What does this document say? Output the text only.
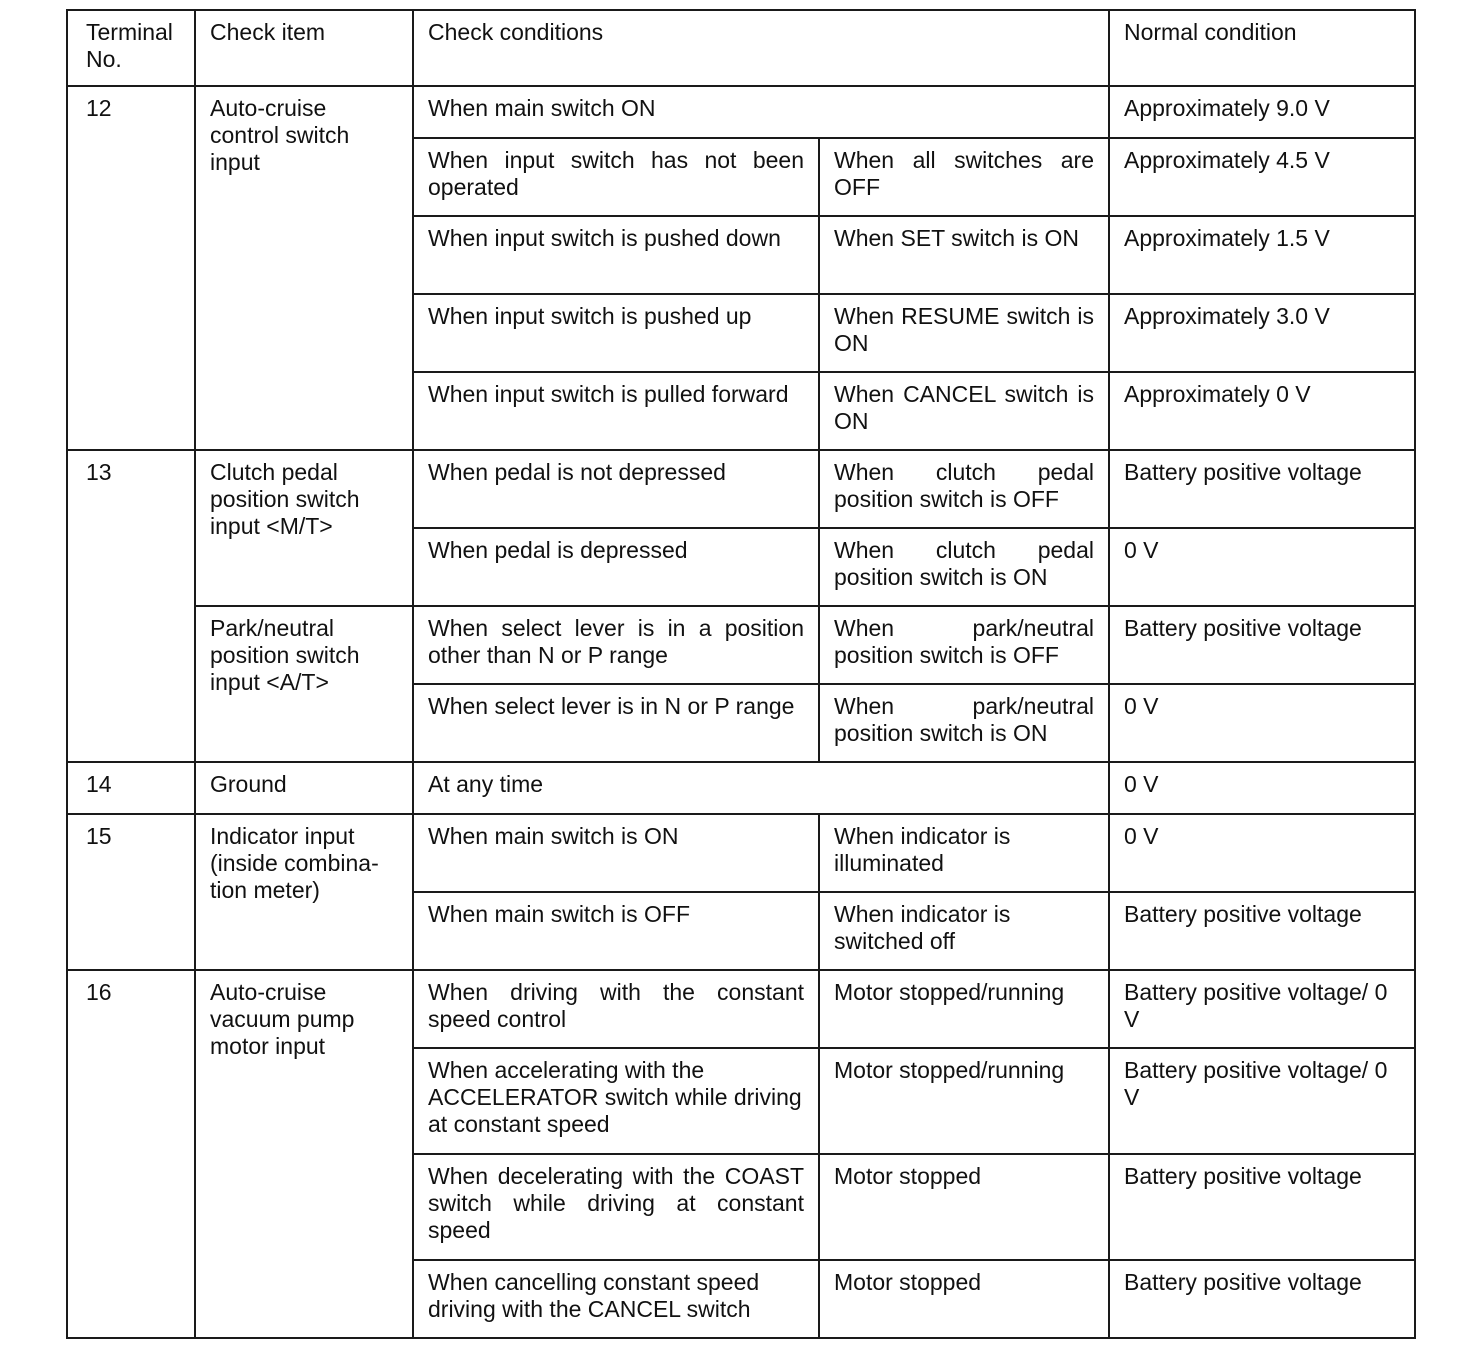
Terminal
No.	Check item	Check conditions		Normal condition
12	Auto-cruise control switch input	When main switch ON		Approximately 9.0 V
		When input switch has not been operated	When all switches are OFF	Approximately 4.5 V
		When input switch is pushed down	When SET switch is ON	Approximately 1.5 V
		When input switch is pushed up	When RESUME switch is ON	Approximately 3.0 V
		When input switch is pulled forward	When CANCEL switch is ON	Approximately 0 V
13	Clutch pedal position switch input <M/T>	When pedal is not depressed	When clutch pedal position switch is OFF	Battery positive voltage
		When pedal is depressed	When clutch pedal position switch is ON	0 V
	Park/neutral position switch input <A/T>	When select lever is in a position other than N or P range	When park/neutral position switch is OFF	Battery positive voltage
		When select lever is in N or P range	When park/neutral position switch is ON	0 V
14	Ground	At any time		0 V
15	Indicator input (inside combina-tion meter)	When main switch is ON	When indicator is illuminated	0 V
		When main switch is OFF	When indicator is switched off	Battery positive voltage
16	Auto-cruise vacuum pump motor input	When driving with the constant speed control	Motor stopped/running	Battery positive voltage/ 0 V
		When accelerating with the ACCELERATOR switch while driving at constant speed	Motor stopped/running	Battery positive voltage/ 0 V
		When decelerating with the COAST switch while driving at constant speed	Motor stopped	Battery positive voltage
		When cancelling constant speed driving with the CANCEL switch	Motor stopped	Battery positive voltage
